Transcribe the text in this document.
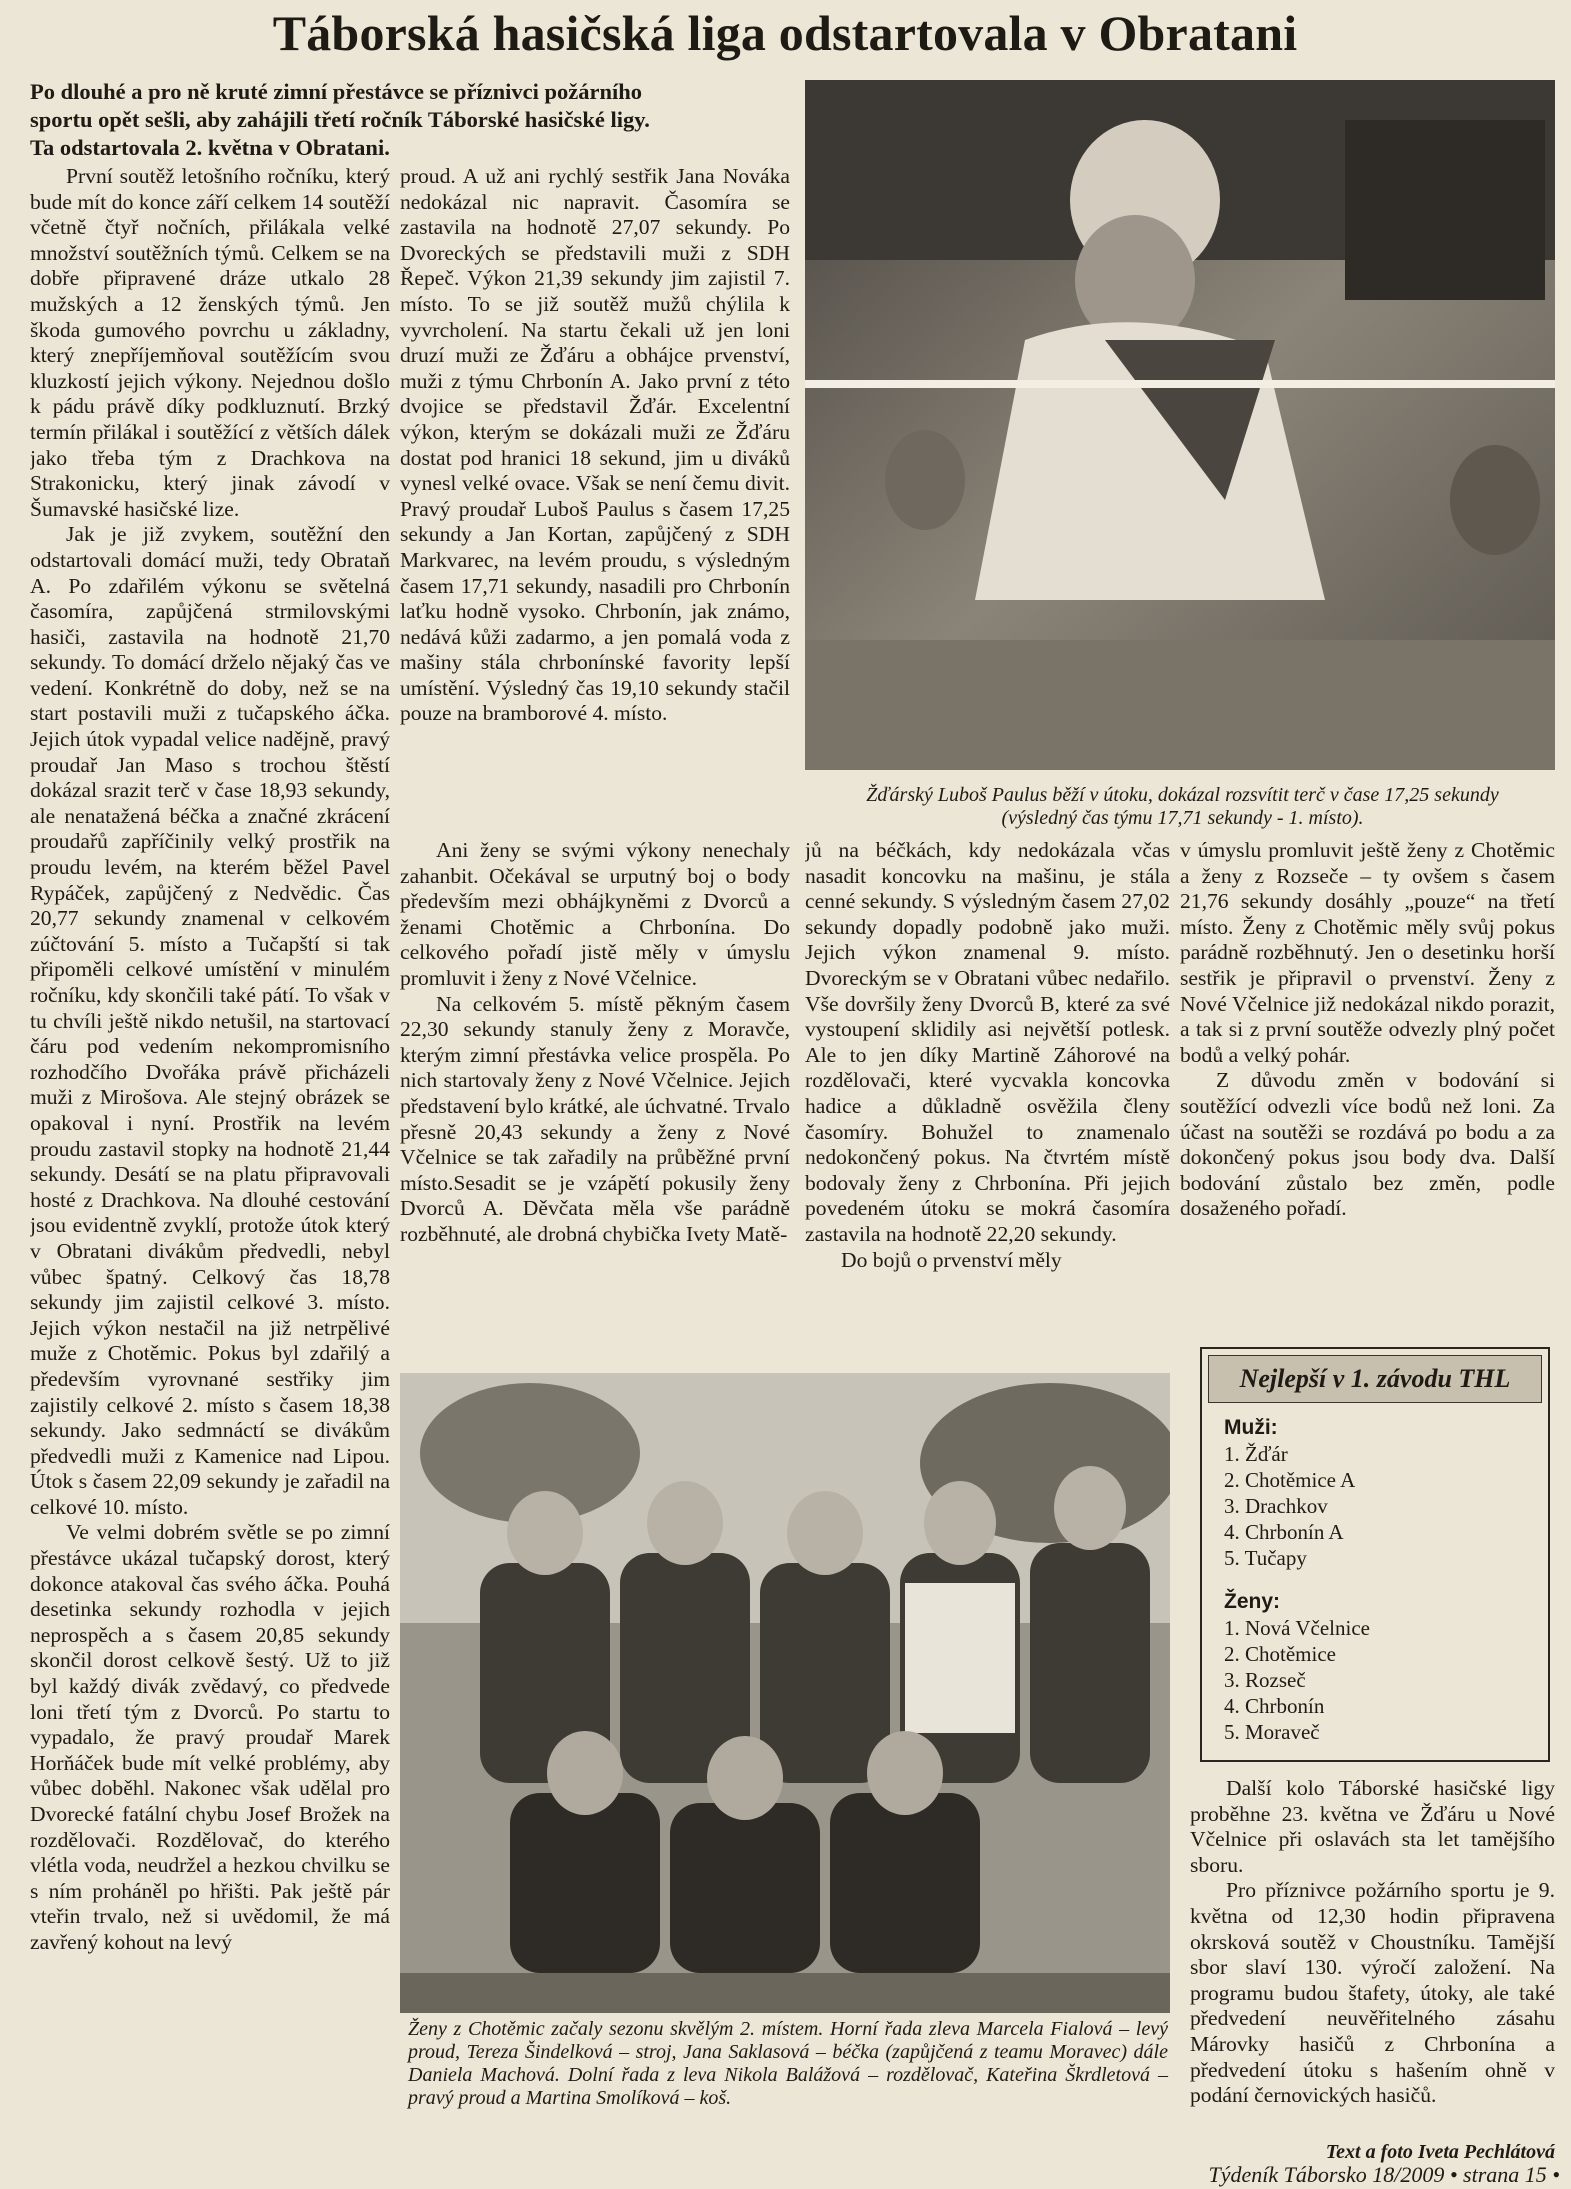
Táborská hasičská liga odstartovala v Obratani
Po dlouhé a pro ně kruté zimní přestávce se příznivci požárního
sportu opět sešli, aby zahájili třetí ročník Táborské hasičské ligy.
Ta odstartovala 2. května v Obratani.

První soutěž letošního ročníku, který bude mít do konce září celkem 14 soutěží včetně čtyř nočních, přilákala velké množství soutěžních týmů. Celkem se na dobře připravené dráze utkalo 28 mužských a 12 ženských týmů. Jen škoda gumového povrchu u základny, který znepříjemňoval soutěžícím svou kluzkostí jejich výkony. Nejednou došlo k pádu právě díky podkluznutí. Brzký termín přilákal i soutěžící z větších dálek jako třeba tým z Drachkova na Strakonicku, který jinak závodí v Šumavské hasičské lize.

Jak je již zvykem, soutěžní den odstartovali domácí muži, tedy Obrataň A. Po zdařilém výkonu se světelná časomíra, zapůjčená strmilovskými hasiči, zastavila na hodnotě 21,70 sekundy. To domácí drželo nějaký čas ve vedení. Konkrétně do doby, než se na start postavili muži z tučapského áčka. Jejich útok vypadal velice nadějně, pravý proudař Jan Maso s trochou štěstí dokázal srazit terč v čase 18,93 sekundy, ale nenatažená béčka a značné zkrácení proudařů zapříčinily velký prostřik na proudu levém, na kterém běžel Pavel Rypáček, zapůjčený z Nedvědic. Čas 20,77 sekundy znamenal v celkovém zúčtování 5. místo a Tučapští si tak připoměli celkové umístění v minulém ročníku, kdy skončili také pátí. To však v tu chvíli ještě nikdo netušil, na startovací čáru pod vedením nekompromisního rozhodčího Dvořáka právě přicházeli muži z Mirošova. Ale stejný obrázek se opakoval i nyní. Prostřik na levém proudu zastavil stopky na hodnotě 21,44 sekundy. Desátí se na platu připravovali hosté z Drachkova. Na dlouhé cestování jsou evidentně zvyklí, protože útok který v Obratani divákům předvedli, nebyl vůbec špatný. Celkový čas 18,78 sekundy jim zajistil celkové 3. místo. Jejich výkon nestačil na již netrpělivé muže z Chotěmic. Pokus byl zdařilý a především vyrovnané sestřiky jim zajistily celkové 2. místo s časem 18,38 sekundy. Jako sedmnáctí se divákům předvedli muži z Kamenice nad Lipou. Útok s časem 22,09 sekundy je zařadil na celkové 10. místo.

Ve velmi dobrém světle se po zimní přestávce ukázal tučapský dorost, který dokonce atakoval čas svého áčka. Pouhá desetinka sekundy rozhodla v jejich neprospěch a s časem 20,85 sekundy skončil dorost celkově šestý. Už to již byl každý divák zvědavý, co předvede loni třetí tým z Dvorců. Po startu to vypadalo, že pravý proudař Marek Horňáček bude mít velké problémy, aby vůbec doběhl. Nakonec však udělal pro Dvorecké fatální chybu Josef Brožek na rozdělovači. Rozdělovač, do kterého vlétla voda, neudržel a hezkou chvilku se s ním proháněl po hřišti. Pak ještě pár vteřin trvalo, než si uvědomil, že má zavřený kohout na levý

proud. A už ani rychlý sestřik Jana Nováka nedokázal nic napravit. Časomíra se zastavila na hodnotě 27,07 sekundy. Po Dvoreckých se představili muži z SDH Řepeč. Výkon 21,39 sekundy jim zajistil 7. místo. To se již soutěž mužů chýlila k vyvrcholení. Na startu čekali už jen loni druzí muži ze Žďáru a obhájce prvenství, muži z týmu Chrbonín A. Jako první z této dvojice se představil Žďár. Excelentní výkon, kterým se dokázali muži ze Žďáru dostat pod hranici 18 sekund, jim u diváků vynesl velké ovace. Však se není čemu divit. Pravý proudař Luboš Paulus s časem 17,25 sekundy a Jan Kortan, zapůjčený z SDH Markvarec, na levém proudu, s výsledným časem 17,71 sekundy, nasadili pro Chrbonín laťku hodně vysoko. Chrbonín, jak známo, nedává kůži zadarmo, a jen pomalá voda z mašiny stála chrbonínské favority lepší umístění. Výsledný čas 19,10 sekundy stačil pouze na bramborové 4. místo.

Žďárský Luboš Paulus běží v útoku, dokázal rozsvítit terč v čase 17,25 sekundy
(výsledný čas týmu 17,71 sekundy - 1. místo).

Ani ženy se svými výkony nenechaly zahanbit. Očekával se urputný boj o body především mezi obhájkyněmi z Dvorců a ženami Chotěmic a Chrbonína. Do celkového pořadí jistě měly v úmyslu promluvit i ženy z Nové Včelnice.

Na celkovém 5. místě pěkným časem 22,30 sekundy stanuly ženy z Moravče, kterým zimní přestávka velice prospěla. Po nich startovaly ženy z Nové Včelnice. Jejich představení bylo krátké, ale úchvatné. Trvalo přesně 20,43 sekundy a ženy z Nové Včelnice se tak zařadily na průběžné první místo.Sesadit se je vzápětí pokusily ženy Dvorců A. Děvčata měla vše parádně rozběhnuté, ale drobná chybička Ivety Matě-

jů na béčkách, kdy nedokázala včas nasadit koncovku na mašinu, je stála cenné sekundy. S výsledným časem 27,02 sekundy dopadly podobně jako muži. Jejich výkon znamenal 9. místo. Dvoreckým se v Obratani vůbec nedařilo. Vše dovršily ženy Dvorců B, které za své vystoupení sklidily asi největší potlesk. Ale to jen díky Martině Záhorové na rozdělovači, které vycvakla koncovka hadice a důkladně osvěžila členy časomíry. Bohužel to znamenalo nedokončený pokus. Na čtvrtém místě bodovaly ženy z Chrbonína. Při jejich povedeném útoku se mokrá časomíra zastavila na hodnotě 22,20 sekundy.

Do bojů o prvenství měly

v úmyslu promluvit ještě ženy z Chotěmic a ženy z Rozseče – ty ovšem s časem 21,76 sekundy dosáhly „pouze“ na třetí místo. Ženy z Chotěmic měly svůj pokus parádně rozběhnutý. Jen o desetinku horší sestřik je připravil o prvenství. Ženy z Nové Včelnice již nedokázal nikdo porazit, a tak si z první soutěže odvezly plný počet bodů a velký pohár.

Z důvodu změn v bodování si soutěžící odvezli více bodů než loni. Za účast na soutěži se rozdává po bodu a za dokončený pokus jsou body dva. Další bodování zůstalo bez změn, podle dosaženého pořadí.

Ženy z Chotěmic začaly sezonu skvělým 2. místem. Horní řada zleva Marcela Fialová – levý proud, Tereza Šindelková – stroj, Jana Saklasová – béčka (zapůjčená z teamu Moravec) dále Daniela Machová. Dolní řada z leva Nikola Balážová – rozdělovač, Kateřina Škrdletová – pravý proud a Martina Smolíková – koš.
Nejlepší v 1. závodu THL
Muži:
1. Žďár
2. Chotěmice A
3. Drachkov
4. Chrbonín A
5. Tučapy
Ženy:
1. Nová Včelnice
2. Chotěmice
3. Rozseč
4. Chrbonín
5. Moraveč

Další kolo Táborské hasičské ligy proběhne 23. května ve Žďáru u Nové Včelnice při oslavách sta let tamějšího sboru.

Pro příznivce požárního sportu je 9. května od 12,30 hodin připravena okrsková soutěž v Choustníku. Tamější sbor slaví 130. výročí založení. Na programu budou štafety, útoky, ale také předvedení neuvěřitelného zásahu Márovky hasičů z Chrbonína a předvedení útoku s hašením ohně v podání černovických hasičů.

Text a foto Iveta Pechlátová
Týdeník Táborsko 18/2009 • strana 15 •
